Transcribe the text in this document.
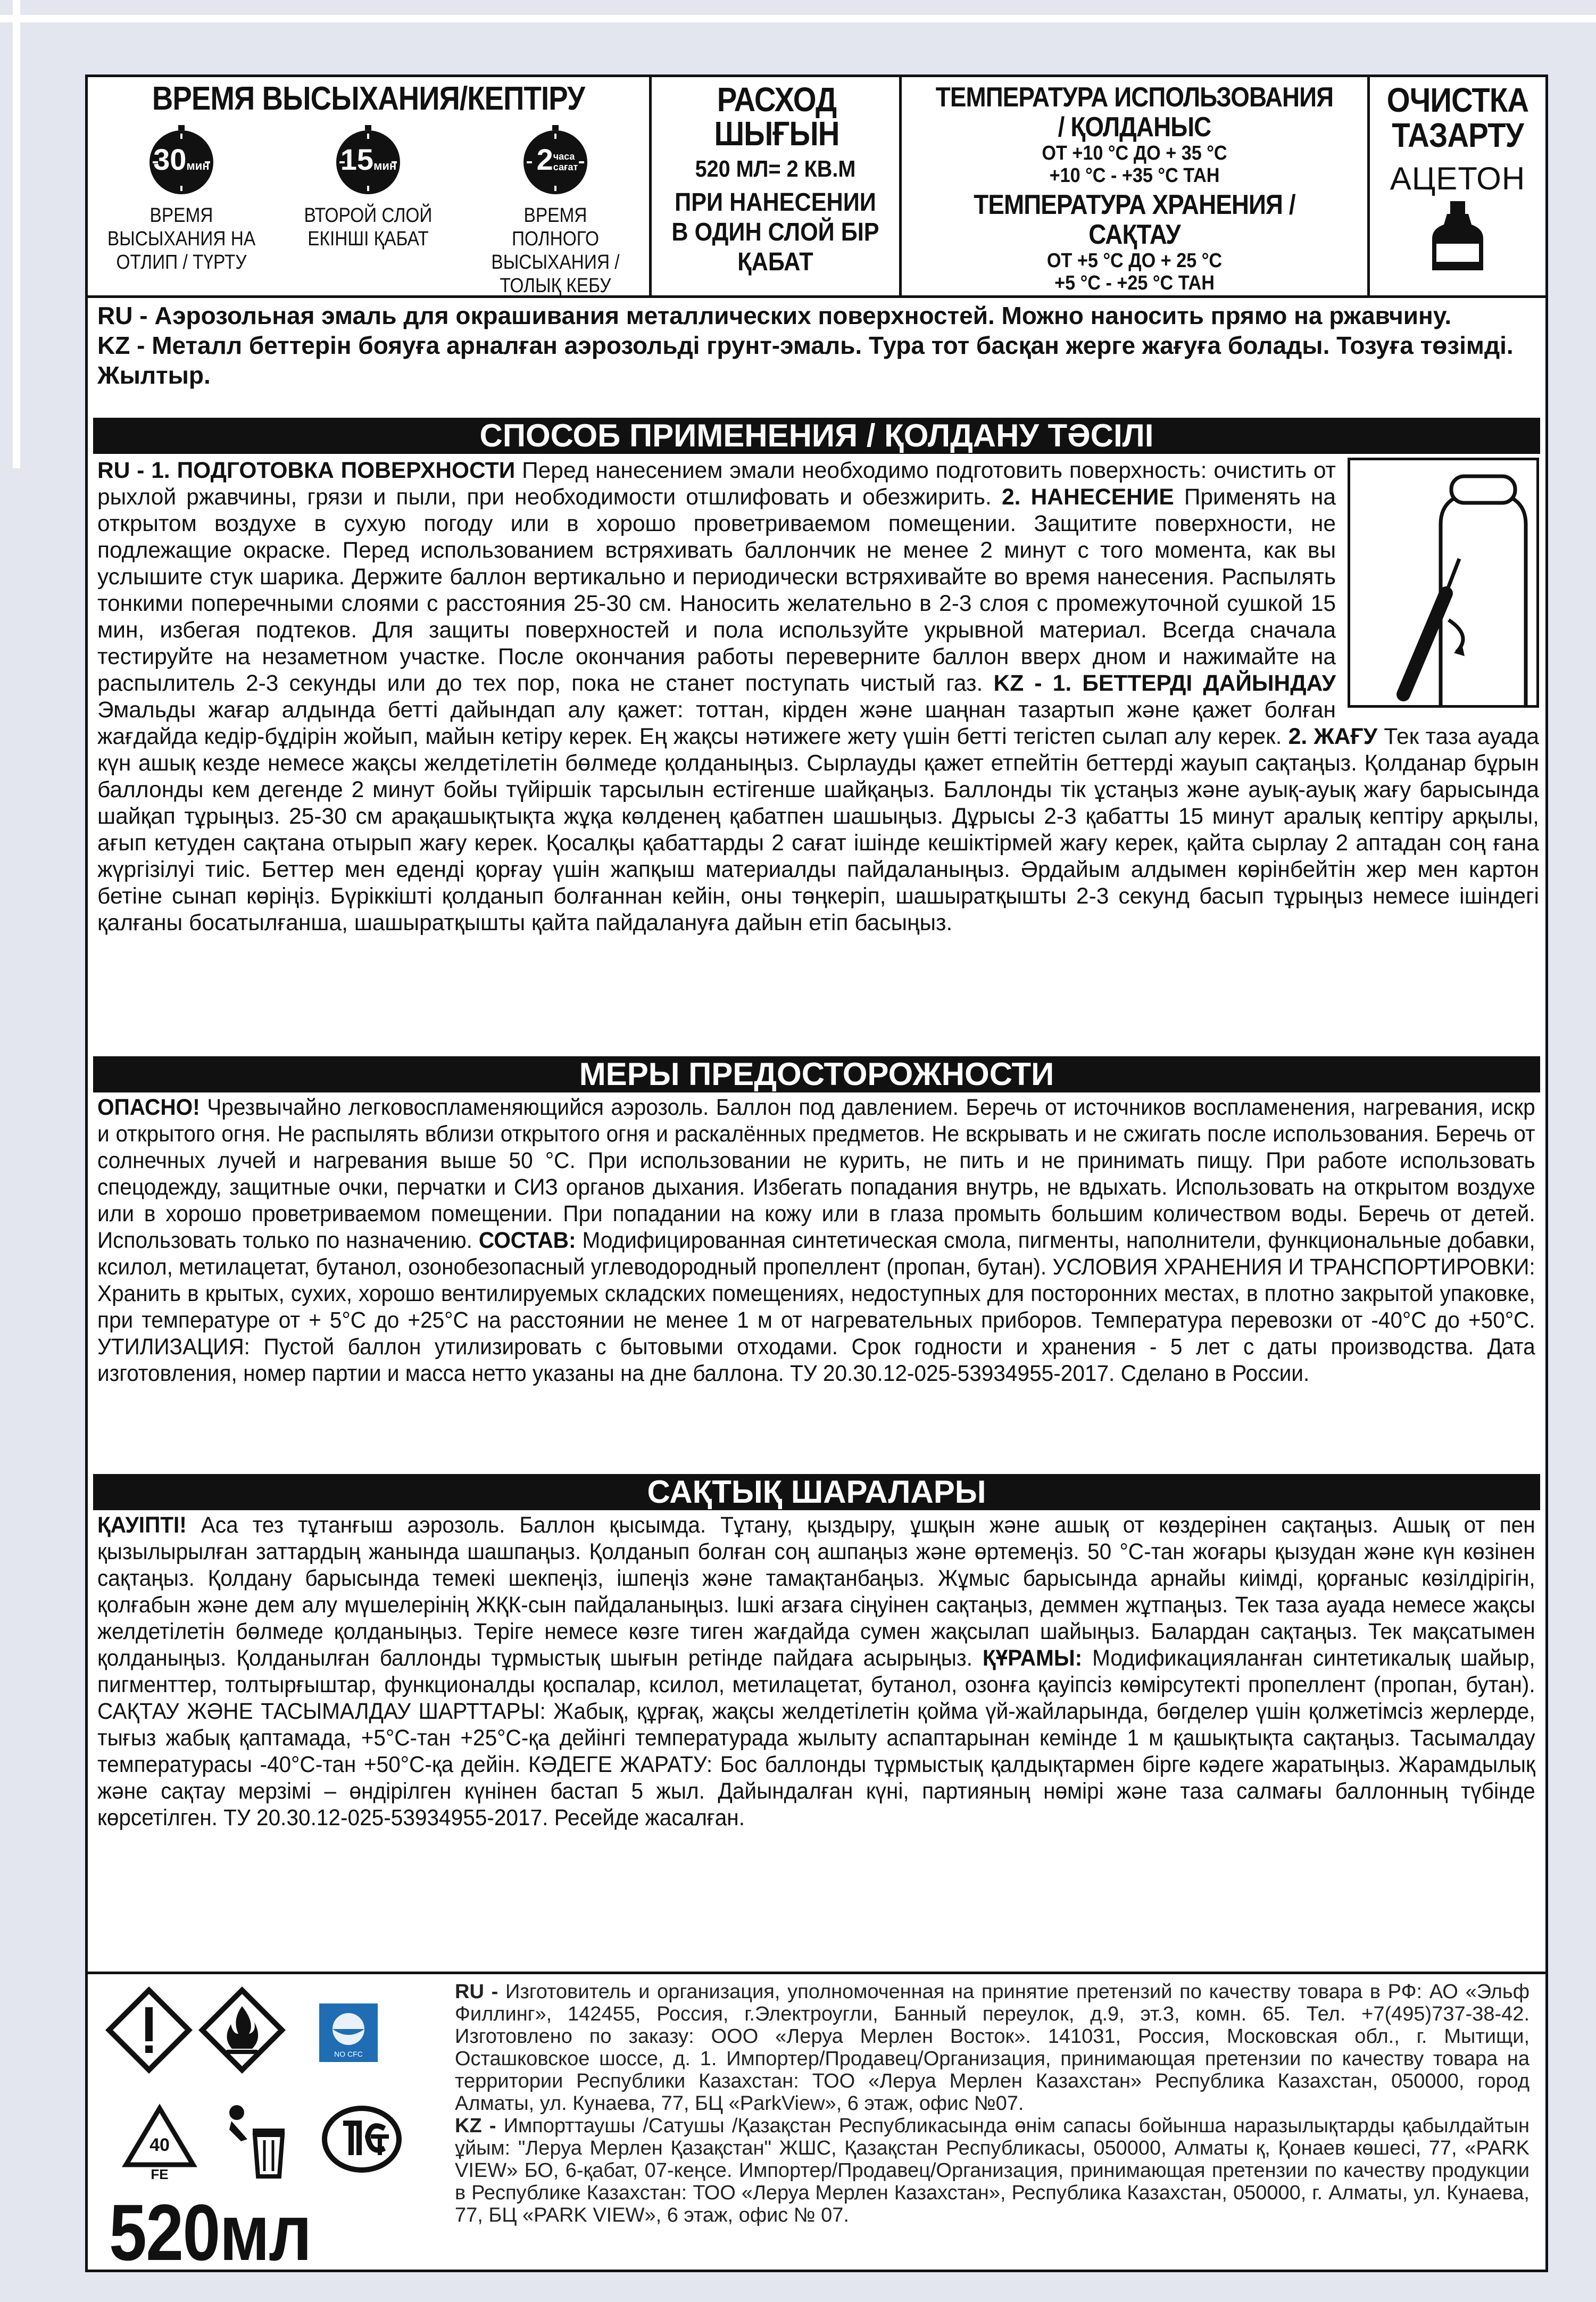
ВРЕМЯ ВЫСЫХАНИЯ/КЕПТІРУ
30мин
ВРЕМЯ ВЫСЫХАНИЯ НА ОТЛИП / ТҮРТУ
15мин
ВТОРОЙ СЛОЙ ЕКІНШІ ҚАБАТ
2часа сағат
ВРЕМЯ ПОЛНОГО ВЫСЫХАНИЯ / ТОЛЫҚ КЕБУ
РАСХОД ШЫҒЫН
520 МЛ= 2 КВ.М
ПРИ НАНЕСЕНИИ В ОДИН СЛОЙ БІР ҚАБАТ
ТЕМПЕРАТУРА ИСПОЛЬЗОВАНИЯ / ҚОЛДАНЫС
ОТ +10 °С ДО + 35 °С
+10 °С - +35 °С ТАН
ТЕМПЕРАТУРА ХРАНЕНИЯ / САҚТАУ
ОТ +5 °С ДО + 25 °С
+5 °С - +25 °С ТАН
ОЧИСТКА ТАЗАРТУ
АЦЕТОН
RU - Аэрозольная эмаль для окрашивания металлических поверхностей. Можно наносить прямо на ржавчину.
KZ - Металл беттерін бояуға арналған аэрозольді грунт-эмаль. Тура тот басқан жерге жағуға болады. Тозуға төзімді. Жылтыр.
СПОСОБ ПРИМЕНЕНИЯ / ҚОЛДАНУ ТӘСІЛІ
RU - 1. ПОДГОТОВКА ПОВЕРХНОСТИ Перед нанесением эмали необходимо подготовить поверхность: очистить от рыхлой ржавчины, грязи и пыли, при необходимости отшлифовать и обезжирить. 2. НАНЕСЕНИЕ Применять на открытом воздухе в сухую погоду или в хорошо проветриваемом помещении. Защитите поверхности, не подлежащие окраске. Перед использованием встряхивать баллончик не менее 2 минут с того момента, как вы услышите стук шарика. Держите баллон вертикально и периодически встряхивайте во время нанесения. Распылять тонкими поперечными слоями с расстояния 25-30 см. Наносить желательно в 2-3 слоя с промежуточной сушкой 15 мин, избегая подтеков. Для защиты поверхностей и пола используйте укрывной материал. Всегда сначала тестируйте на незаметном участке. После окончания работы переверните баллон вверх дном и нажимайте на распылитель 2-3 секунды или до тех пор, пока не станет поступать чистый газ. KZ - 1. БЕТТЕРДІ ДАЙЫНДАУ Эмальды жағар алдында бетті дайындап алу қажет: тоттан, кірден және шаңнан тазартып және қажет болған жағдайда кедір-бұдірін жойып, майын кетіру керек. Ең жақсы нәтижеге жету үшін бетті тегістеп сылап алу керек. 2. ЖАҒУ Тек таза ауада күн ашық кезде немесе жақсы желдетілетін бөлмеде қолданыңыз. Сырлауды қажет етпейтін беттерді жауып сақтаңыз. Қолданар бұрын баллонды кем дегенде 2 минут бойы түйіршік тарсылын естігенше шайқаңыз. Баллонды тік ұстаңыз және ауық-ауық жағу барысында шайқап тұрыңыз. 25-30 см арақашықтықта жұқа көлденең қабатпен шашыңыз. Дұрысы 2-3 қабатты 15 минут аралық кептіру арқылы, ағып кетуден сақтана отырып жағу керек. Қосалқы қабаттарды 2 сағат ішінде кешіктірмей жағу керек, қайта сырлау 2 аптадан соң ғана жүргізілуі тиіс. Беттер мен едендi қорғау үшін жапқыш материалды пайдаланыңыз. Әрдайым алдымен көрінбейтін жер мен картон бетіне сынап көріңіз. Бүріккішті қолданып болғаннан кейін, оны төңкеріп, шашыратқышты 2-3 секунд басып тұрыңыз немесе ішіндегі қалғаны босатылғанша, шашыратқышты қайта пайдалануға дайын етіп басыңыз.
МЕРЫ ПРЕДОСТОРОЖНОСТИ
ОПАСНО! Чрезвычайно легковоспламеняющийся аэрозоль. Баллон под давлением. Беречь от источников воспламенения, нагревания, искр и открытого огня. Не распылять вблизи открытого огня и раскалённых предметов. Не вскрывать и не сжигать после использования. Беречь от солнечных лучей и нагревания выше 50 °С. При использовании не курить, не пить и не принимать пищу. При работе использовать спецодежду, защитные очки, перчатки и СИЗ органов дыхания. Избегать попадания внутрь, не вдыхать. Использовать на открытом воздухе или в хорошо проветриваемом помещении. При попадании на кожу или в глаза промыть большим количеством воды. Беречь от детей. Использовать только по назначению. СОСТАВ: Модифицированная синтетическая смола, пигменты, наполнители, функциональные добавки, ксилол, метилацетат, бутанол, озонобезопасный углеводородный пропеллент (пропан, бутан). УСЛОВИЯ ХРАНЕНИЯ И ТРАНСПОРТИРОВКИ: Хранить в крытых, сухих, хорошо вентилируемых складских помещениях, недоступных для посторонних местах, в плотно закрытой упаковке, при температуре от + 5°С до +25°С на расстоянии не менее 1 м от нагревательных приборов. Температура перевозки от -40°С до +50°С. УТИЛИЗАЦИЯ: Пустой баллон утилизировать с бытовыми отходами. Срок годности и хранения - 5 лет с даты производства. Дата изготовления, номер партии и масса нетто указаны на дне баллона. ТУ 20.30.12-025-53934955-2017. Сделано в России.
САҚТЫҚ ШАРАЛАРЫ
ҚАУІПТІ! Аса тез тұтанғыш аэрозоль. Баллон қысымда. Тұтану, қыздыру, ұшқын және ашық от көздерінен сақтаңыз. Ашық от пен қызылырылған заттардың жанында шашпаңыз. Қолданып болған соң ашпаңыз және өртемеңіз. 50 °С-тан жоғары қызудан және күн көзінен сақтаңыз. Қолдану барысында темекі шекпеңіз, ішпеңіз және тамақтанбаңыз. Жұмыс барысында арнайы киімді, қорғаныс көзілдірігін, қолғабын және дем алу мүшелерінің ЖҚК-сын пайдаланыңыз. Ішкі ағзаға сіңуінен сақтаңыз, деммен жұтпаңыз. Тек таза ауада немесе жақсы желдетілетін бөлмеде қолданыңыз. Теріге немесе көзге тиген жағдайда сумен жақсылап шайыңыз. Балардан сақтаңыз. Тек мақсатымен қолданыңыз. Қолданылған баллонды тұрмыстық шығын ретінде пайдаға асырыңыз. ҚҰРАМЫ: Модификацияланған синтетикалық шайыр, пигменттер, толтырғыштар, функционалды қоспалар, ксилол, метилацетат, бутанол, озонға қауіпсіз көмірсутекті пропеллент (пропан, бутан). САҚТАУ ЖӘНЕ ТАСЫМАЛДАУ ШАРТТАРЫ: Жабық, құрғақ, жақсы желдетілетін қойма үй-жайларында, бөгделер үшін қолжетімсіз жерлерде, тығыз жабық қаптамада, +5°С-тан +25°С-қа дейінгі температурада жылыту аспаптарынан кемінде 1 м қашықтықта сақтаңыз. Тасымалдау температурасы -40°С-тан +50°С-қа дейін. КӘДЕГЕ ЖАРАТУ: Бос баллонды тұрмыстық қалдықтармен бірге кәдеге жаратыңыз. Жарамдылық және сақтау мерзімі – өндірілген күнінен бастап 5 жыл. Дайындалған күні, партияның нөмірі және таза салмағы баллонның түбінде көрсетілген. ТУ 20.30.12-025-53934955-2017. Ресейде жасалған.
NO CFC
40
FE
520мл
RU - Изготовитель и организация, уполномоченная на принятие претензий по качеству товара в РФ: АО «Эльф Филлинг», 142455, Россия, г.Электроугли, Банный переулок, д.9, эт.3, комн. 65. Тел. +7(495)737-38-42. Изготовлено по заказу: ООО «Леруа Мерлен Восток». 141031, Россия, Московская обл., г. Мытищи, Осташковское шоссе, д. 1. Импортер/Продавец/Организация, принимающая претензии по качеству товара на территории Республики Казахстан: ТОО «Леруа Мерлен Казахстан» Республика Казахстан, 050000, город Алматы, ул. Кунаева, 77, БЦ «ParkView», 6 этаж, офис №07.
KZ - Импорттаушы /Сатушы /Қазақстан Республикасында өнім сапасы бойынша наразылықтарды қабылдайтын ұйым: "Леруа Мерлен Қазақстан" ЖШС, Қазақстан Республикасы, 050000, Алматы қ, Қонаев көшесі, 77, «PARK VIEW» БО, 6-қабат, 07-кеңсе. Импортер/Продавец/Организация, принимающая претензии по качеству продукции в Республике Казахстан: ТОО «Леруа Мерлен Казахстан», Республика Казахстан, 050000, г. Алматы, ул. Кунаева, 77, БЦ «PARK VIEW», 6 этаж, офис № 07.
